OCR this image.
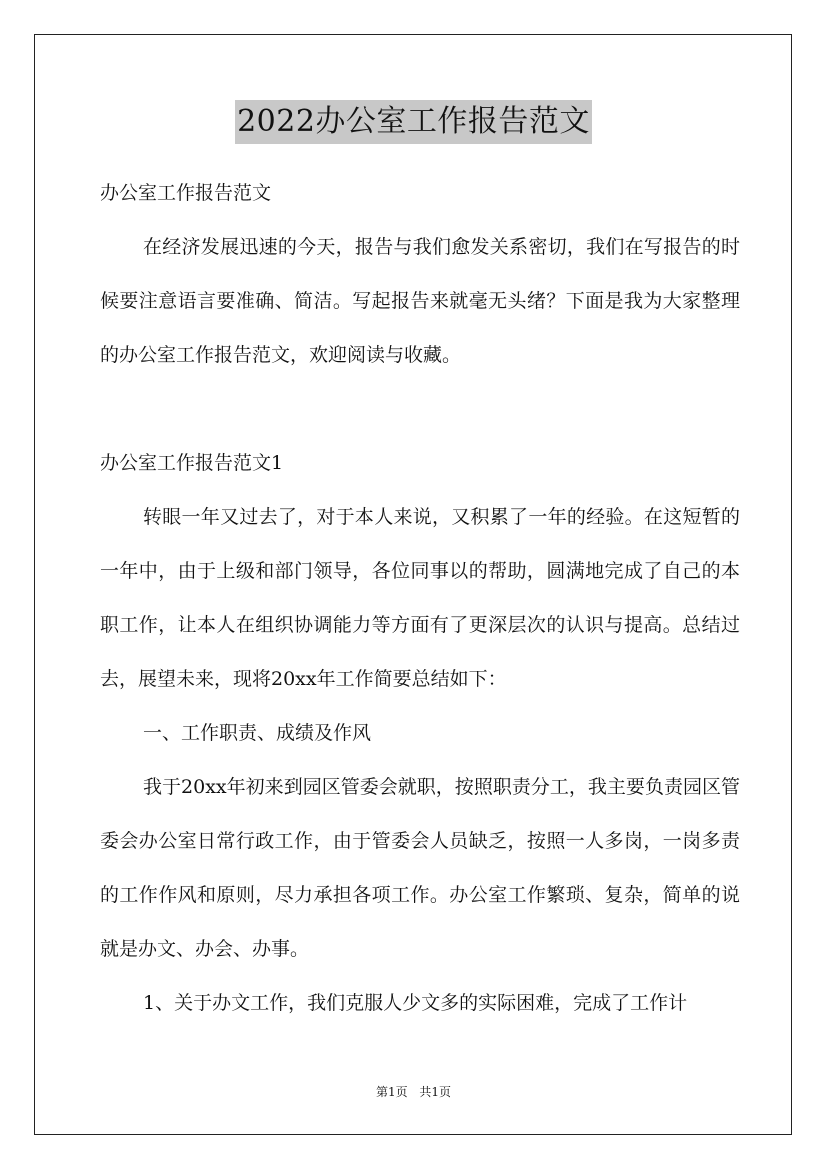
2022办公室工作报告范文

办公室工作报告范文

在经济发展迅速的今天，报告与我们愈发关系密切，我们在写报告的时候要注意语言要准确、简洁。写起报告来就毫无头绪？下面是我为大家整理的办公室工作报告范文，欢迎阅读与收藏。

办公室工作报告范文1

转眼一年又过去了，对于本人来说，又积累了一年的经验。在这短暂的一年中，由于上级和部门领导，各位同事以的帮助，圆满地完成了自己的本职工作，让本人在组织协调能力等方面有了更深层次的认识与提高。总结过去，展望未来，现将20xx年工作简要总结如下：

一、工作职责、成绩及作风

我于20xx年初来到园区管委会就职，按照职责分工，我主要负责园区管委会办公室日常行政工作，由于管委会人员缺乏，按照一人多岗，一岗多责的工作作风和原则，尽力承担各项工作。办公室工作繁琐、复杂，简单的说就是办文、办会、办事。

1、关于办文工作，我们克服人少文多的实际困难，完成了工作计

第1页 共1页
